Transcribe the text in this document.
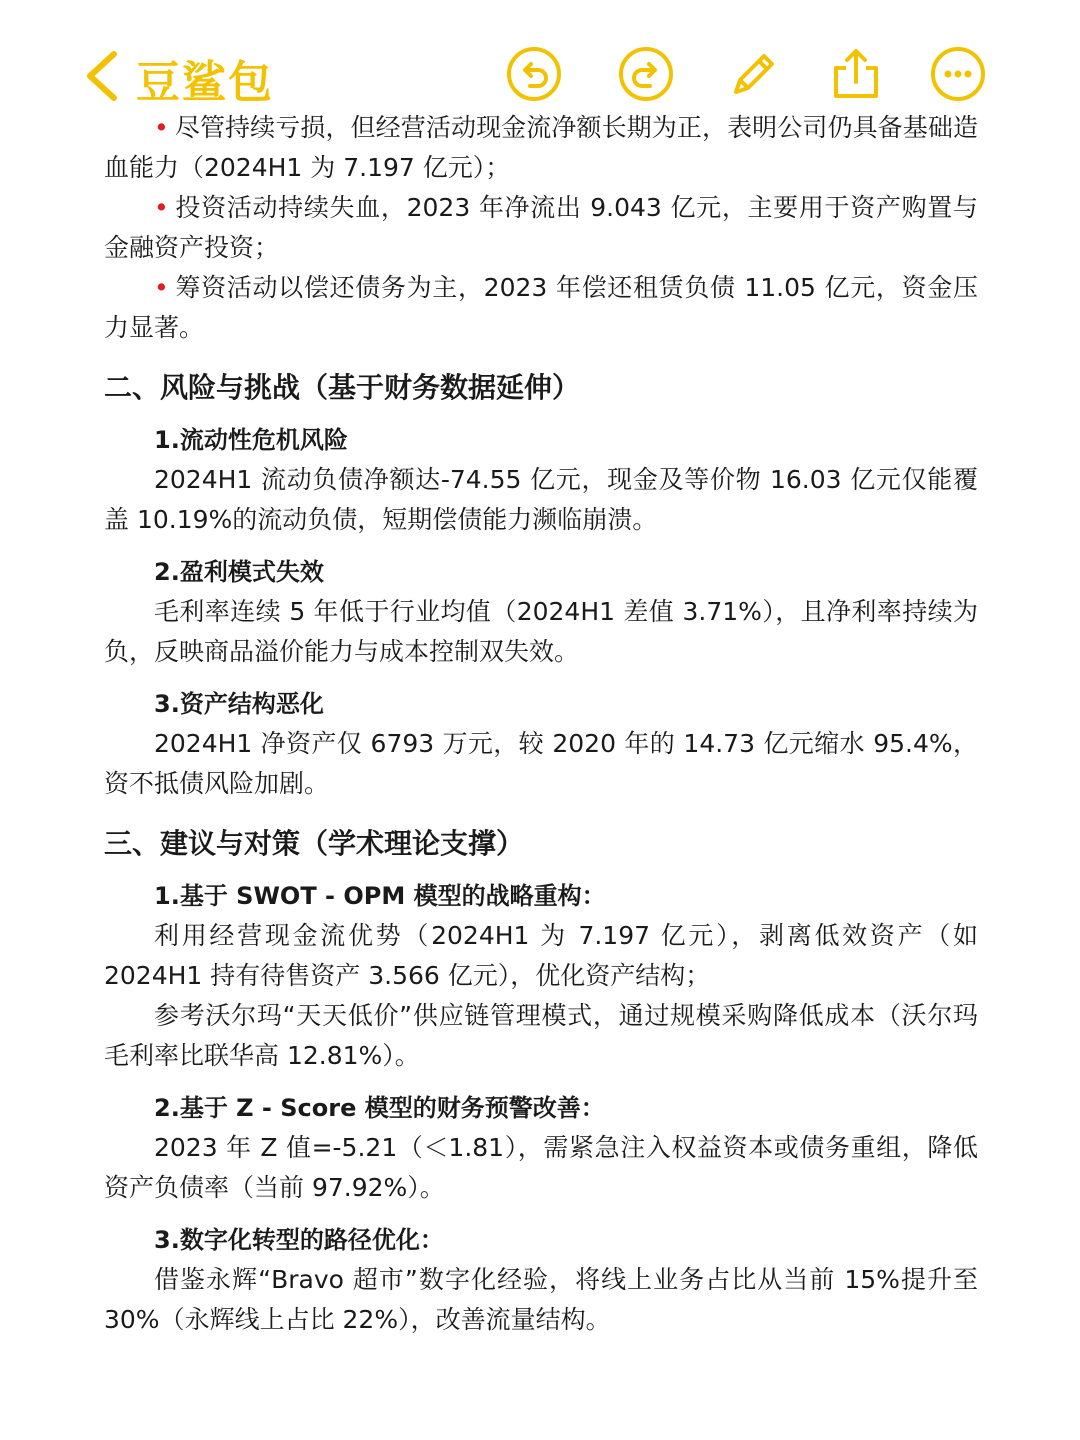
豆鲨包

• 尽管持续亏损，但经营活动现金流净额长期为正，表明公司仍具备基础造血能力（2024H1 为 7.197 亿元）；

• 投资活动持续失血，2023 年净流出 9.043 亿元，主要用于资产购置与金融资产投资；

• 筹资活动以偿还债务为主，2023 年偿还租赁负债 11.05 亿元，资金压力显著。

二、风险与挑战（基于财务数据延伸）
1.流动性危机风险

2024H1 流动负债净额达-74.55 亿元，现金及等价物 16.03 亿元仅能覆盖 10.19%的流动负债，短期偿债能力濒临崩溃。

2.盈利模式失效

毛利率连续 5 年低于行业均值（2024H1 差值 3.71%），且净利率持续为负，反映商品溢价能力与成本控制双失效。

3.资产结构恶化

2024H1 净资产仅 6793 万元，较 2020 年的 14.73 亿元缩水 95.4%，资不抵债风险加剧。

三、建议与对策（学术理论支撑）
1.基于 SWOT - OPM 模型的战略重构：

利用经营现金流优势（2024H1 为 7.197 亿元），剥离低效资产（如 2024H1 持有待售资产 3.566 亿元），优化资产结构；

参考沃尔玛“天天低价”供应链管理模式，通过规模采购降低成本（沃尔玛毛利率比联华高 12.81%）。

2.基于 Z - Score 模型的财务预警改善：

2023 年 Z 值=-5.21（＜1.81），需紧急注入权益资本或债务重组，降低资产负债率（当前 97.92%）。

3.数字化转型的路径优化：

借鉴永辉“Bravo 超市”数字化经验，将线上业务占比从当前 15%提升至 30%（永辉线上占比 22%），改善流量结构。
